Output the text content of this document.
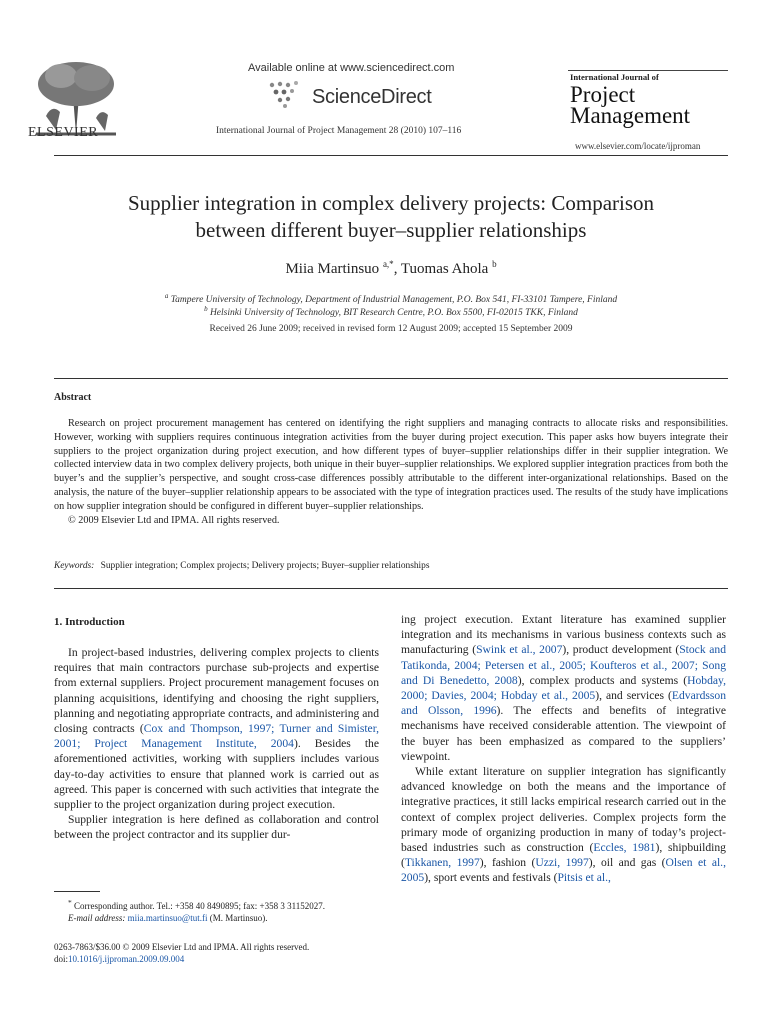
ELSEVIER
Available online at www.sciencedirect.com
ScienceDirect
International Journal of Project Management 28 (2010) 107–116
International Journal of
Project
Management
www.elsevier.com/locate/ijproman
Supplier integration in complex delivery projects: Comparison
between different buyer–supplier relationships
Miia Martinsuo $^{a,*}$, Tuomas Ahola $^b$
$^a$ Tampere University of Technology, Department of Industrial Management, P.O. Box 541, FI-33101 Tampere, Finland
$^b$ Helsinki University of Technology, BIT Research Centre, P.O. Box 5500, FI-02015 TKK, Finland
Received 26 June 2009; received in revised form 12 August 2009; accepted 15 September 2009
Abstract

Research on project procurement management has centered on identifying the right suppliers and managing contracts to allocate risks and responsibilities. However, working with suppliers requires continuous integration activities from the buyer during project execution. This paper asks how buyers integrate their suppliers to the project organization during project execution, and how different types of buyer–supplier relationships differ in their supplier integration. We collected interview data in two complex delivery projects, both unique in their buyer–supplier relationships. We explored supplier integration practices from both the buyer’s and the supplier’s perspective, and sought cross-case differences possibly attributable to the different inter-organizational relationships. Based on the analysis, the nature of the buyer–supplier relationship appears to be associated with the type of integration practices used. The results of the study have implications on how supplier integration should be configured in different buyer–supplier relationships.

© 2009 Elsevier Ltd and IPMA. All rights reserved.

Keywords: Supplier integration; Complex projects; Delivery projects; Buyer–supplier relationships
1. Introduction

In project-based industries, delivering complex projects to clients requires that main contractors purchase sub-projects and expertise from external suppliers. Project procurement management focuses on planning acquisitions, identifying and choosing the right suppliers, planning and negotiating appropriate contracts, and administering and closing contracts (Cox and Thompson, 1997; Turner and Simister, 2001; Project Management Institute, 2004). Besides the aforementioned activities, working with suppliers includes various day-to-day activities to ensure that planned work is carried out as agreed. This paper is concerned with such activities that integrate the supplier to the project organization during project execution.

Supplier integration is here defined as collaboration and control between the project contractor and its supplier dur-

ing project execution. Extant literature has examined supplier integration and its mechanisms in various business contexts such as manufacturing (Swink et al., 2007), product development (Stock and Tatikonda, 2004; Petersen et al., 2005; Koufteros et al., 2007; Song and Di Benedetto, 2008), complex products and systems (Hobday, 2000; Davies, 2004; Hobday et al., 2005), and services (Edvardsson and Olsson, 1996). The effects and benefits of integrative mechanisms have received considerable attention. The viewpoint of the buyer has been emphasized as compared to the suppliers’ viewpoint.

While extant literature on supplier integration has significantly advanced knowledge on both the means and the importance of integrative practices, it still lacks empirical research carried out in the context of complex project deliveries. Complex projects form the primary mode of organizing production in many of today’s project-based industries such as construction (Eccles, 1981), shipbuilding (Tikkanen, 1997), fashion (Uzzi, 1997), oil and gas (Olsen et al., 2005), sport events and festivals (Pitsis et al.,

* Corresponding author. Tel.: +358 40 8490895; fax: +358 3 31152027.
E-mail address: miia.martinsuo@tut.fi (M. Martinsuo).
0263-7863/$36.00 © 2009 Elsevier Ltd and IPMA. All rights reserved.
doi:10.1016/j.ijproman.2009.09.004
